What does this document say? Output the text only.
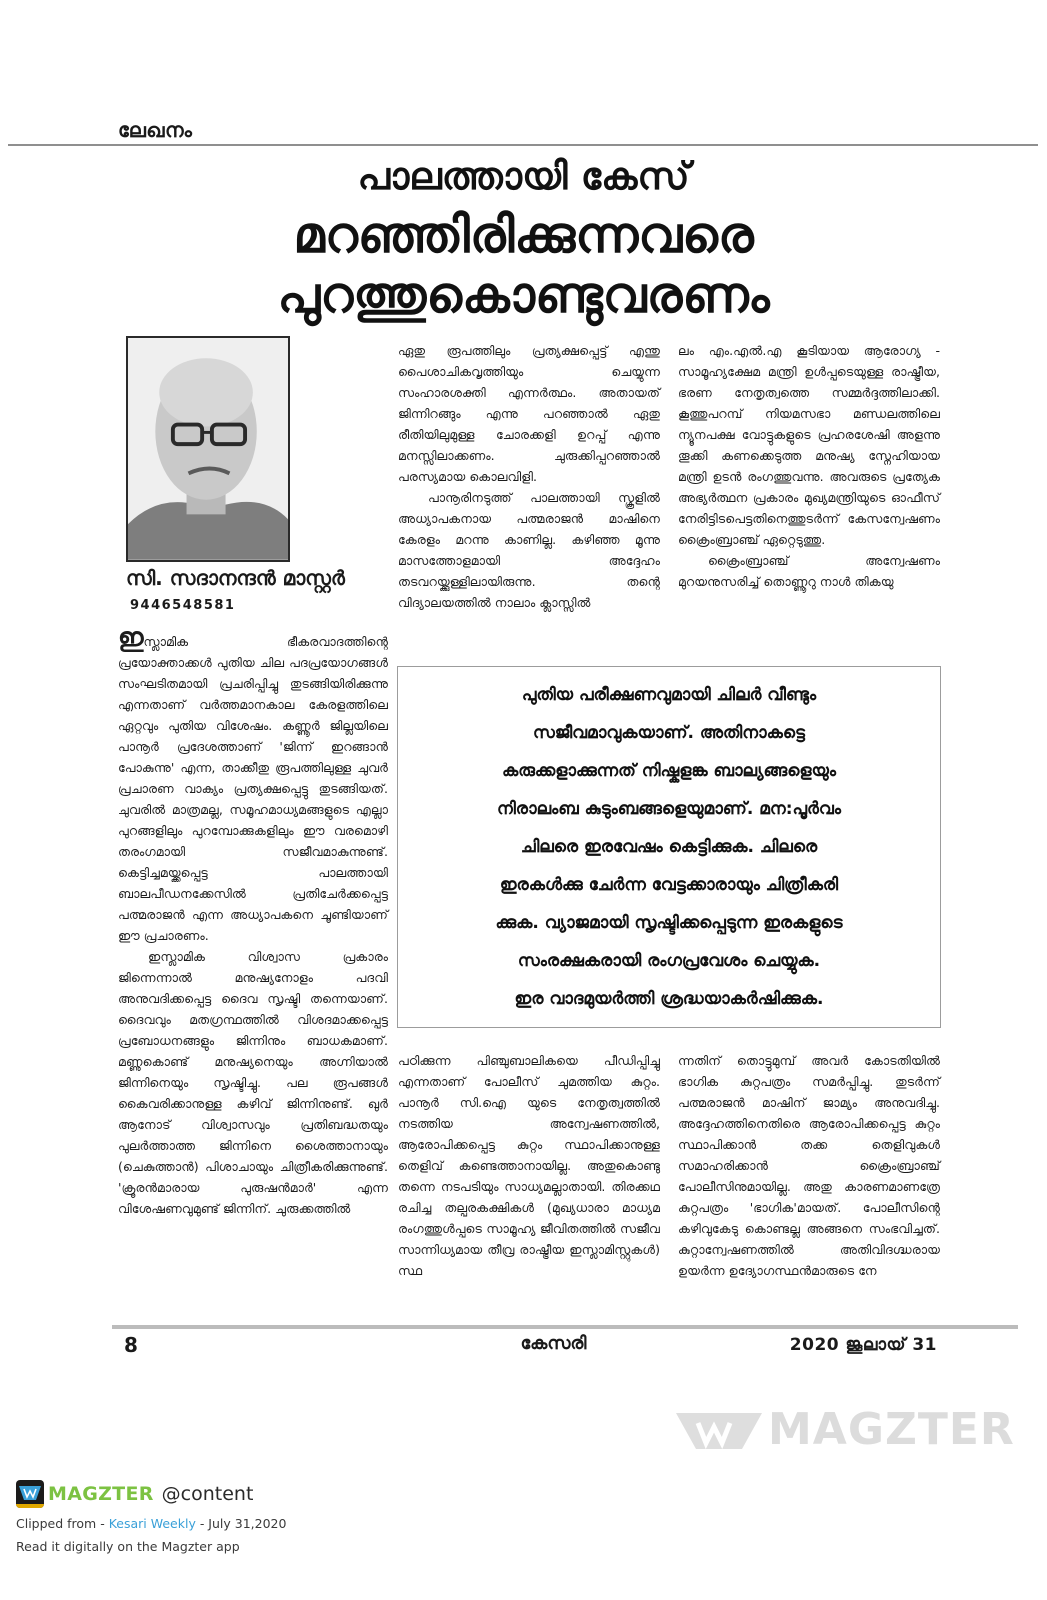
ലേഖനം
പാലത്തായി കേസ്
മറഞ്ഞിരിക്കുന്നവരെ
പുറത്തുകൊണ്ടുവരണം
സി. സദാനന്ദൻ മാസ്റ്റർ
9446548581

ഇസ്ലാമിക ഭീകരവാദത്തിന്റെ പ്രയോക്താക്കൾ പുതിയ ചില പദപ്രയോഗങ്ങൾ സംഘടിതമായി പ്രചരിപ്പിച്ചു തുടങ്ങിയിരിക്കുന്നു എന്നതാണ് വർത്തമാനകാല കേരളത്തിലെ ഏറ്റവും പുതിയ വിശേഷം. കണ്ണൂർ ജില്ലയിലെ പാനൂർ പ്രദേശത്താണ് 'ജിന്ന് ഇറങ്ങാൻ പോകുന്നു' എന്ന, താക്കീതു രൂപത്തിലുള്ള ചുവർ പ്രചാരണ വാക്യം പ്രത്യക്ഷപ്പെട്ടു തുടങ്ങിയത്. ചുവരിൽ മാത്രമല്ല, സമൂഹമാധ്യമങ്ങളുടെ എല്ലാ പുറങ്ങളിലും പുറമ്പോക്കുകളിലും ഈ വരമൊഴി തരംഗമായി സജീവമാകുന്നുണ്ട്. കെട്ടിച്ചമയ്ക്കപ്പെട്ട പാലത്തായി ബാലപീഡനക്കേസിൽ പ്രതിചേർക്കപ്പെട്ട പത്മരാജൻ എന്ന അധ്യാപകനെ ചൂണ്ടിയാണ് ഈ പ്രചാരണം.

ഇസ്ലാമിക വിശ്വാസ പ്രകാരം ജിന്നെന്നാൽ മനുഷ്യനോളം പദവി അനുവദിക്കപ്പെട്ട ദൈവ സൃഷ്ടി തന്നെയാണ്. ദൈവവും മതഗ്രന്ഥത്തിൽ വിശദമാക്കപ്പെട്ട പ്രബോധനങ്ങളും ജിന്നിനും ബാധകമാണ്. മണ്ണുകൊണ്ട് മനുഷ്യനെയും അഗ്നിയാൽ ജിന്നിനെയും സൃഷ്ടിച്ചു. പല രൂപങ്ങൾ കൈവരിക്കാനുള്ള കഴിവ് ജിന്നിനുണ്ട്. ഖുർ ആനോട് വിശ്വാസവും പ്രതിബദ്ധതയും പുലർത്താത്ത ജിന്നിനെ ശൈത്താനായും (ചെകുത്താൻ) പിശാചായും ചിത്രീകരിക്കുന്നുണ്ട്. 'ക്രൂരൻമാരായ പുരുഷൻമാർ' എന്ന വിശേഷണവുമുണ്ട് ജിന്നിന്. ചുരുക്കത്തിൽ

ഏതു രൂപത്തിലും പ്രത്യക്ഷപ്പെട്ട് എന്തു പൈശാചികവൃത്തിയും ചെയ്യുന്ന സംഹാരശക്തി എന്നർത്ഥം. അതായത് ജിന്നിറങ്ങും എന്നു പറഞ്ഞാൽ ഏതു രീതിയിലുമുള്ള ചോരക്കളി ഉറപ്പ് എന്നു മനസ്സിലാക്കണം. ചുരുക്കിപ്പറഞ്ഞാൽ പരസ്യമായ കൊലവിളി.

പാനൂരിനടുത്ത് പാലത്തായി സ്കൂളിൽ അധ്യാപകനായ പത്മരാജൻ മാഷിനെ കേരളം മറന്നു കാണില്ല. കഴിഞ്ഞ മൂന്നു മാസത്തോളമായി അദ്ദേഹം തടവറയ്ക്കുള്ളിലായിരുന്നു. തന്റെ വിദ്യാലയത്തിൽ നാലാം ക്ലാസ്സിൽ

ലം എം.എൽ.എ കൂടിയായ ആരോഗ്യ - സാമൂഹ്യക്ഷേമ മന്ത്രി ഉൾപ്പടെയുള്ള രാഷ്ട്രീയ, ഭരണ നേതൃത്വത്തെ സമ്മർദ്ദത്തിലാക്കി. കൂത്തുപറമ്പ് നിയമസഭാ മണ്ഡലത്തിലെ ന്യൂനപക്ഷ വോട്ടുകളുടെ പ്രഹരശേഷി അളന്നു തൂക്കി കണക്കെടുത്ത മനുഷ്യ സ്നേഹിയായ മന്ത്രി ഉടൻ രംഗത്തുവന്നു. അവരുടെ പ്രത്യേക അഭ്യർത്ഥന പ്രകാരം മുഖ്യമന്ത്രിയുടെ ഓഫീസ് നേരിട്ടിടപെട്ടതിനെത്തുടർന്ന് കേസന്വേഷണം ക്രൈംബ്രാഞ്ച് ഏറ്റെടുത്തു.

ക്രൈംബ്രാഞ്ച് അന്വേഷണം മുറയനുസരിച്ച് തൊണ്ണൂറു നാൾ തികയു

പുതിയ പരീക്ഷണവുമായി ചിലർ വീണ്ടും
സജീവമാവുകയാണ്. അതിനാകട്ടെ
കരുക്കളാക്കുന്നത് നിഷ്കളങ്ക ബാല്യങ്ങളെയും
നിരാലംബ കുടുംബങ്ങളെയുമാണ്. മന:പൂർവം
ചിലരെ ഇരവേഷം കെട്ടിക്കുക. ചിലരെ
ഇരകൾക്കു ചേർന്ന വേട്ടക്കാരായും ചിത്രീകരി
ക്കുക. വ്യാജമായി സൃഷ്ടിക്കപ്പെടുന്ന ഇരകളുടെ
സംരക്ഷകരായി രംഗപ്രവേശം ചെയ്യുക.
ഇര വാദമുയർത്തി ശ്രദ്ധയാകർഷിക്കുക.

പഠിക്കുന്ന പിഞ്ചുബാലികയെ പീഡിപ്പിച്ചു എന്നതാണ് പോലീസ് ചുമത്തിയ കുറ്റം. പാനൂർ സി.ഐ യുടെ നേതൃത്വത്തിൽ നടത്തിയ അന്വേഷണത്തിൽ, ആരോപിക്കപ്പെട്ട കുറ്റം സ്ഥാപിക്കാനുള്ള തെളിവ് കണ്ടെത്താനായില്ല. അതുകൊണ്ടു തന്നെ നടപടിയും സാധ്യമല്ലാതായി. തിരക്കഥ രചിച്ച തല്പരകക്ഷികൾ (മുഖ്യധാരാ മാധ്യമ രംഗത്തുൾപ്പടെ സാമൂഹ്യ ജീവിതത്തിൽ സജീവ സാന്നിധ്യമായ തീവ്ര രാഷ്ട്രീയ ഇസ്ലാമിസ്റ്റുകൾ) സ്ഥ

ന്നതിന് തൊട്ടുമുമ്പ് അവർ കോടതിയിൽ ഭാഗിക കുറ്റപത്രം സമർപ്പിച്ചു. തുടർന്ന് പത്മരാജൻ മാഷിന് ജാമ്യം അനുവദിച്ചു. അദ്ദേഹത്തിനെതിരെ ആരോപിക്കപ്പെട്ട കുറ്റം സ്ഥാപിക്കാൻ തക്ക തെളിവുകൾ സമാഹരിക്കാൻ ക്രൈംബ്രാഞ്ച് പോലീസിനുമായില്ല. അതു കാരണമാണത്രേ കുറ്റപത്രം 'ഭാഗിക'മായത്. പോലീസിന്റെ കഴിവുകേടു കൊണ്ടല്ല അങ്ങനെ സംഭവിച്ചത്. കുറ്റാന്വേഷണത്തിൽ അതിവിദഗ്ദ്ധരായ ഉയർന്ന ഉദ്യോഗസ്ഥൻമാരുടെ നേ

8	കേസരി	2020 ജൂലായ് 31
MAGZTER
MAGZTER @content
Clipped from - Kesari Weekly - July 31,2020
Read it digitally on the Magzter app
